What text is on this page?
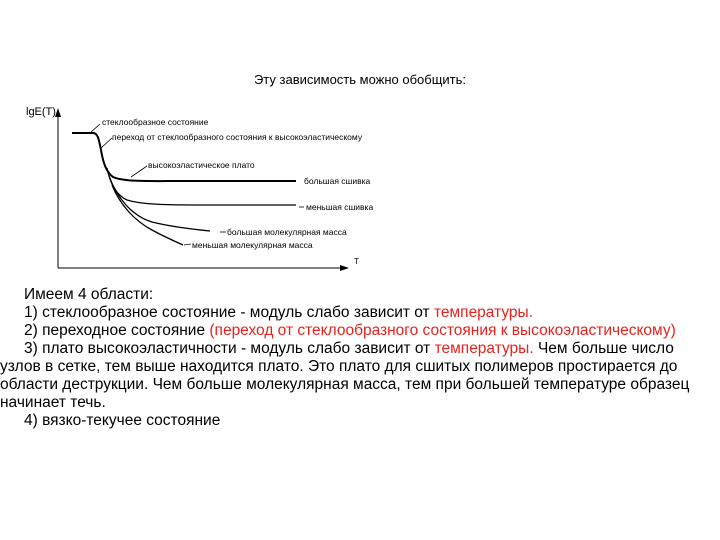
Эту зависимость можно обобщить:
lgE(T)
T
стеклообразное состояние
переход от стеклообразного состояния к высокоэластическому
высокоэластическое плато
большая сшивка
меньшая сшивка
большая молекулярная масса
меньшая молекулярная масса
Имеем 4 области:
1) стеклообразное состояние - модуль слабо зависит от температуры.
2) переходное состояние (переход от стеклообразного состояния к высокоэластическому)
3) плато высокоэластичности - модуль слабо зависит от температуры. Чем больше число
узлов в сетке, тем выше находится плато. Это плато для сшитых полимеров простирается до
области деструкции. Чем больше молекулярная масса, тем при большей температуре образец
начинает течь.
4) вязко-текучее состояние
